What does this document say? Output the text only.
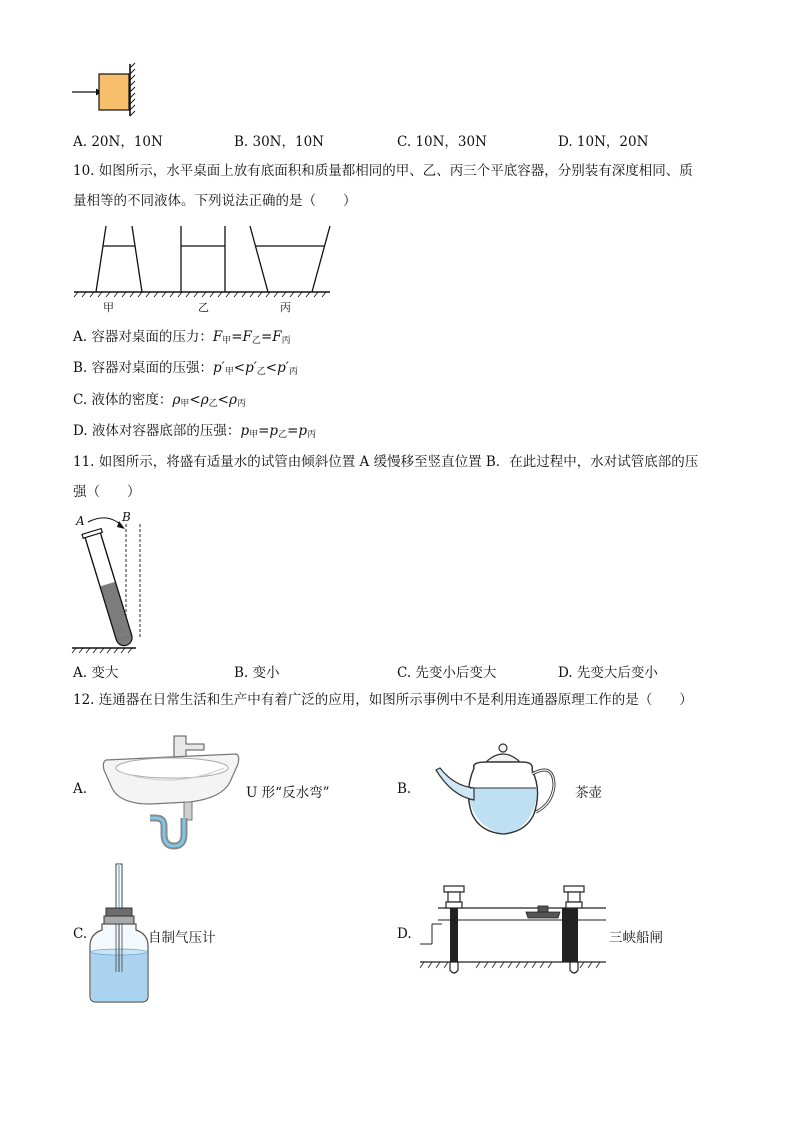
A. 20N，10N	B. 30N，10N	C. 10N，30N	D. 10N，20N
10. 如图所示，水平桌面上放有底面积和质量都相同的甲、乙、丙三个平底容器，分别装有深度相同、质
量相等的不同液体。下列说法正确的是（　　）
甲	乙	丙
A. 容器对桌面的压力：$F_甲=F_乙=F_丙$
B. 容器对桌面的压强：$p'_甲<p'_乙<p'_丙$
C. 液体的密度：$\rho_甲<\rho_乙<\rho_丙$
D. 液体对容器底部的压强：$p_甲=p_乙=p_丙$
11. 如图所示，将盛有适量水的试管由倾斜位置 A 缓慢移至竖直位置 B．在此过程中，水对试管底部的压
强（　　）
A	B
A. 变大	B. 变小	C. 先变小后变大	D. 先变大后变小
12. 连通器在日常生活和生产中有着广泛的应用，如图所示事例中不是利用连通器原理工作的是（　　）
A.	U 形“反水弯”	B.	茶壶
C.	自制气压计	D.	三峡船闸
